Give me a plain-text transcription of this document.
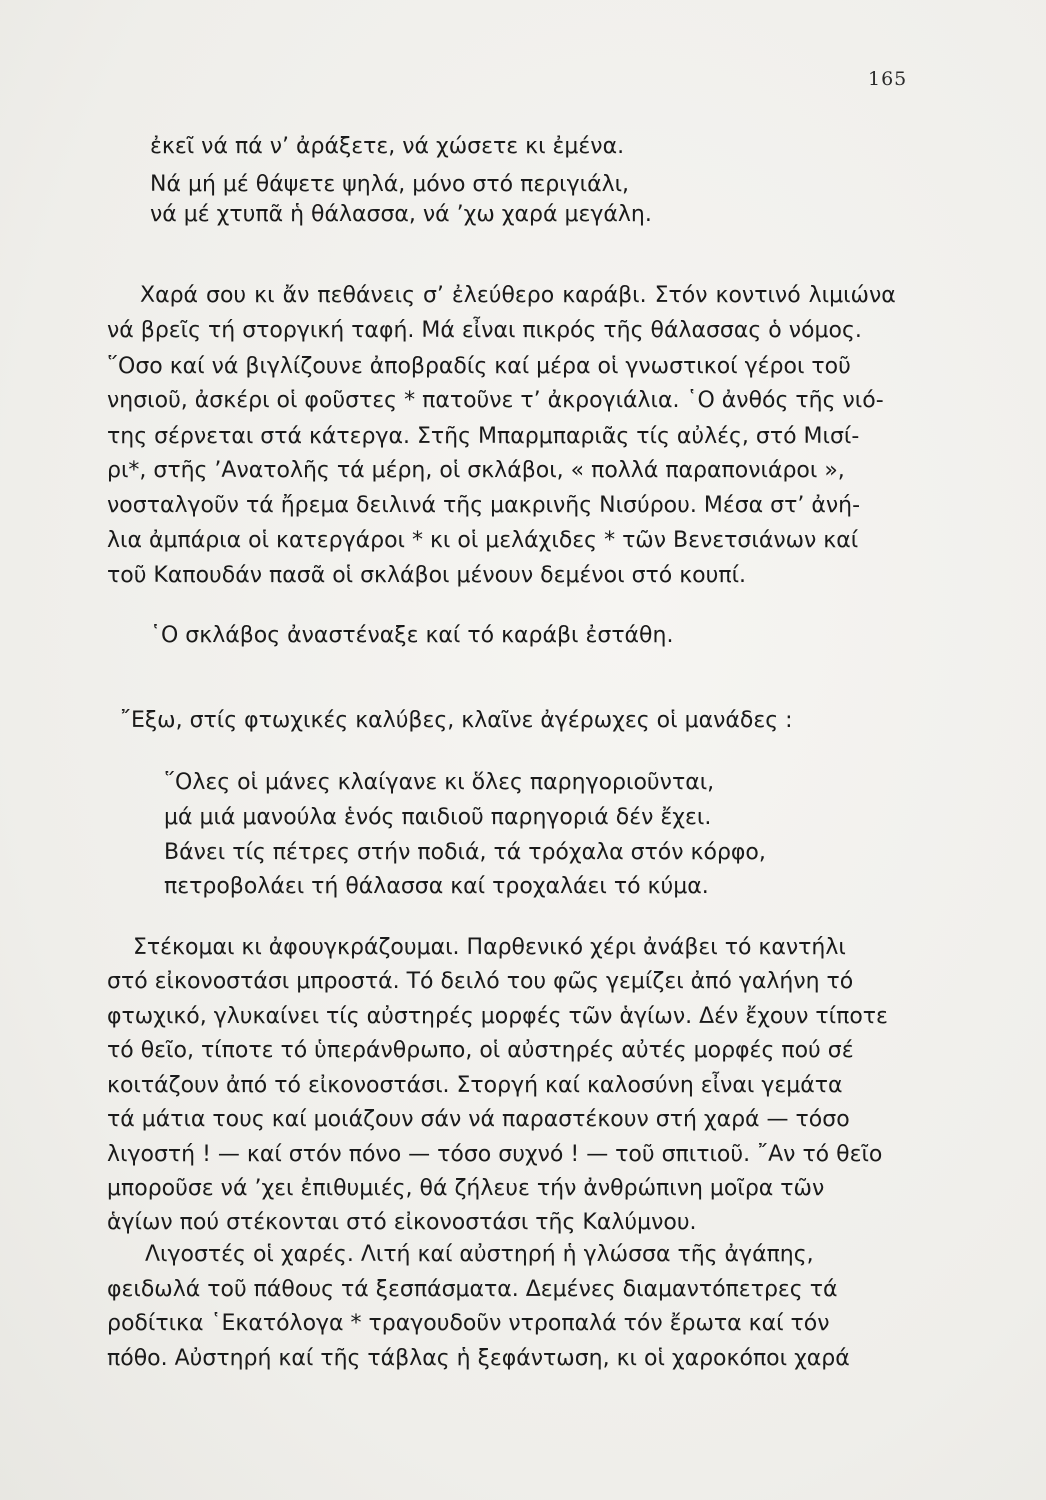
165
ἐκεῖ νά πά ν’ ἀράξετε, νά χώσετε κι ἐμένα.
Νά μή μέ θάψετε ψηλά, μόνο στό περιγιάλι,
νά μέ χτυπᾶ ἡ θάλασσα, νά ’χω χαρά μεγάλη.
Χαρά σου κι ἄν πεθάνεις σ’ ἐλεύθερο καράβι. Στόν κοντινό λιμιώνα
νά βρεῖς τή στοργική ταφή. Μά εἶναι πικρός τῆς θάλασσας ὁ νόμος.
῞Οσο καί νά βιγλίζουνε ἀποβραδίς καί μέρα οἱ γνωστικοί γέροι τοῦ
νησιοῦ, ἀσκέρι οἱ φοῦστες * πατοῦνε τ’ ἀκρογιάλια. ῾Ο ἀνθός τῆς νιό-
της σέρνεται στά κάτεργα. Στῆς Μπαρμπαριᾶς τίς αὐλές, στό Μισί-
ρι*, στῆς ’Ανατολῆς τά μέρη, οἱ σκλάβοι, « πολλά παραπονιάροι »,
νοσταλγοῦν τά ἤρεμα δειλινά τῆς μακρινῆς Νισύρου. Μέσα στ’ ἀνή-
λια ἀμπάρια οἱ κατεργάροι * κι οἱ μελάχιδες * τῶν Βενετσιάνων καί
τοῦ Καπουδάν πασᾶ οἱ σκλάβοι μένουν δεμένοι στό κουπί.
῾Ο σκλάβος ἀναστέναξε καί τό καράβι ἐστάθη.
῎Εξω, στίς φτωχικές καλύβες, κλαῖνε ἀγέρωχες οἱ μανάδες :
῞Ολες οἱ μάνες κλαίγανε κι ὅλες παρηγοριοῦνται,
μά μιά μανούλα ἑνός παιδιοῦ παρηγοριά δέν ἔχει.
Βάνει τίς πέτρες στήν ποδιά, τά τρόχαλα στόν κόρφο,
πετροβολάει τή θάλασσα καί τροχαλάει τό κύμα.
Στέκομαι κι ἀφουγκράζουμαι. Παρθενικό χέρι ἀνάβει τό καντήλι
στό εἰκονοστάσι μπροστά. Τό δειλό του φῶς γεμίζει ἀπό γαλήνη τό
φτωχικό, γλυκαίνει τίς αὐστηρές μορφές τῶν ἁγίων. Δέν ἔχουν τίποτε
τό θεῖο, τίποτε τό ὑπεράνθρωπο, οἱ αὐστηρές αὐτές μορφές πού σέ
κοιτάζουν ἀπό τό εἰκονοστάσι. Στοργή καί καλοσύνη εἶναι γεμάτα
τά μάτια τους καί μοιάζουν σάν νά παραστέκουν στή χαρά — τόσο
λιγοστή ! — καί στόν πόνο — τόσο συχνό ! — τοῦ σπιτιοῦ. ῎Αν τό θεῖο
μποροῦσε νά ’χει ἐπιθυμιές, θά ζήλευε τήν ἀνθρώπινη μοῖρα τῶν
ἁγίων πού στέκονται στό εἰκονοστάσι τῆς Καλύμνου.
Λιγοστές οἱ χαρές. Λιτή καί αὐστηρή ἡ γλώσσα τῆς ἀγάπης,
φειδωλά τοῦ πάθους τά ξεσπάσματα. Δεμένες διαμαντόπετρες τά
ροδίτικα ῾Εκατόλογα * τραγουδοῦν ντροπαλά τόν ἔρωτα καί τόν
πόθο. Αὐστηρή καί τῆς τάβλας ἡ ξεφάντωση, κι οἱ χαροκόποι χαρά
